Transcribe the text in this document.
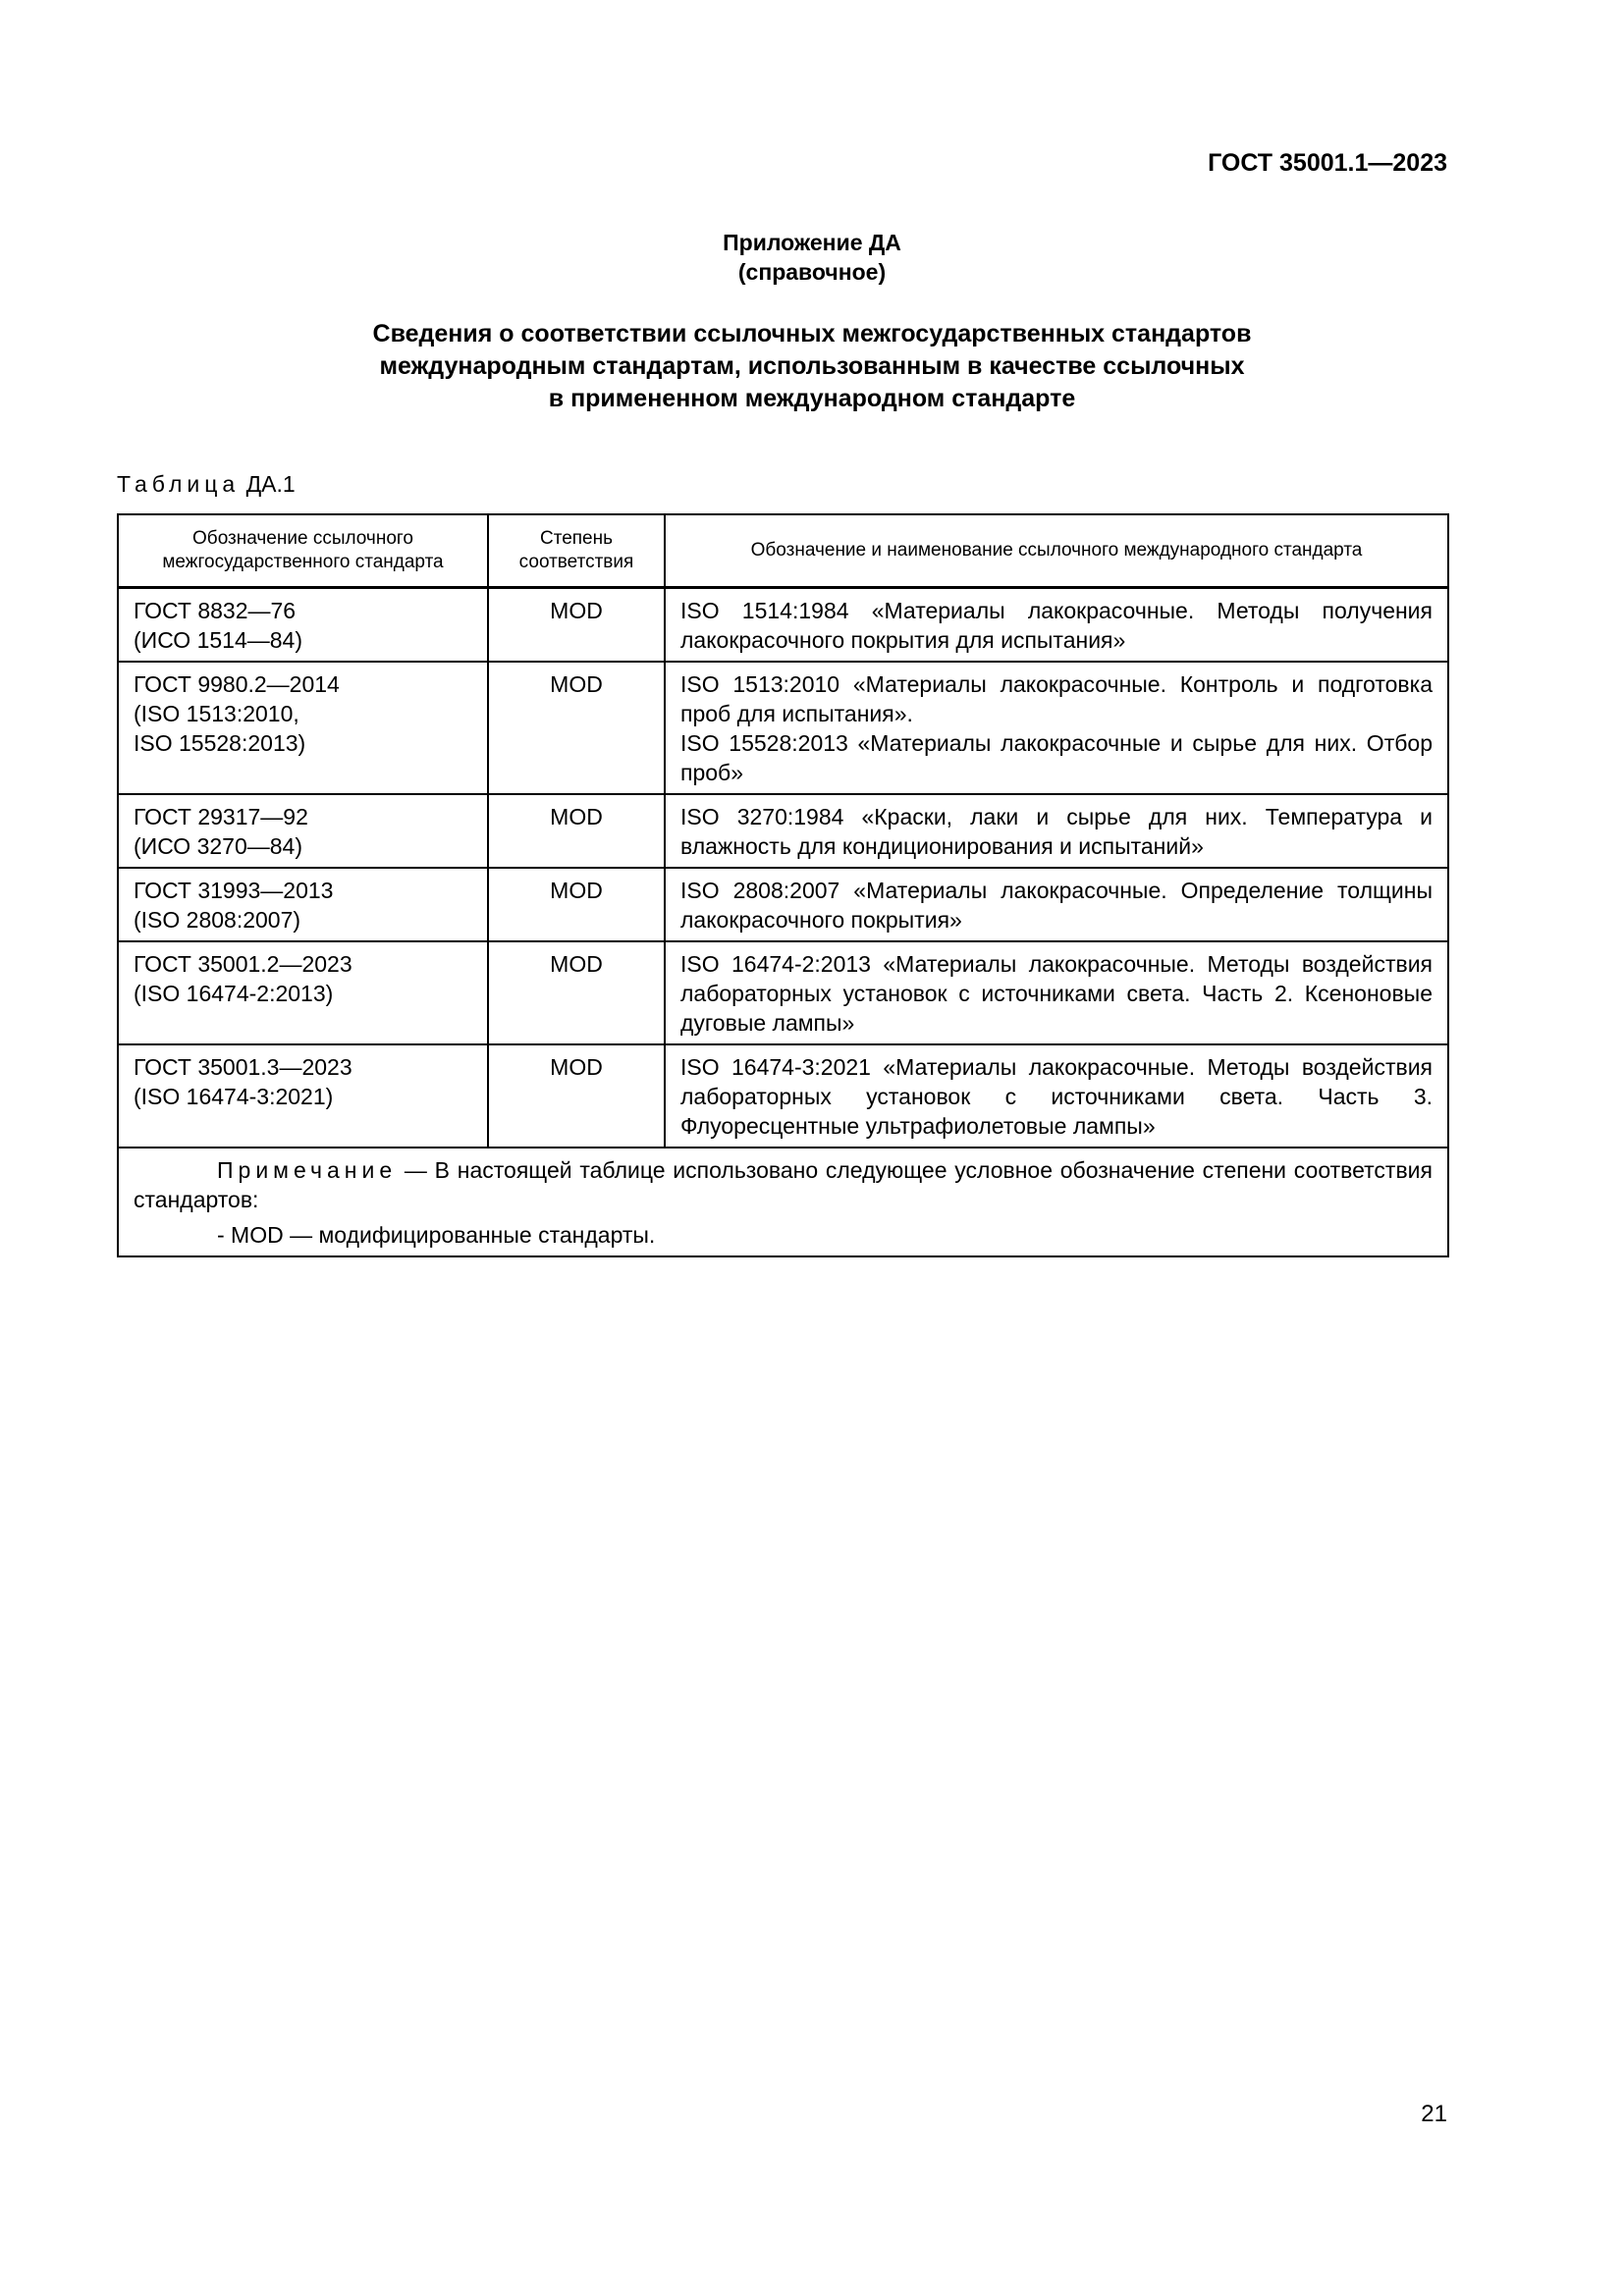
ГОСТ 35001.1—2023
Приложение ДА
(справочное)
Сведения о соответствии ссылочных межгосударственных стандартов
международным стандартам, использованным в качестве ссылочных
в примененном международном стандарте
Таблица ДА.1
Обозначение ссылочного межгосударственного стандарта	Степень соответствия	Обозначение и наименование ссылочного международного стандарта

ГОСТ 8832—76
(ИСО 1514—84)	MOD	ISO 1514:1984 «Материалы лакокрасочные. Методы получения лакокрасочного покрытия для испытания»

ГОСТ 9980.2—2014
(ISO 1513:2010,
ISO 15528:2013)	MOD	ISO 1513:2010 «Материалы лакокрасочные. Контроль и подготовка проб для испытания».
ISO 15528:2013 «Материалы лакокрасочные и сырье для них. Отбор проб»

ГОСТ 29317—92
(ИСО 3270—84)	MOD	ISO 3270:1984 «Краски, лаки и сырье для них. Температура и влажность для кондиционирования и испытаний»

ГОСТ 31993—2013
(ISO 2808:2007)	MOD	ISO 2808:2007 «Материалы лакокрасочные. Определение толщины лакокрасочного покрытия»

ГОСТ 35001.2—2023
(ISO 16474-2:2013)	MOD	ISO 16474-2:2013 «Материалы лакокрасочные. Методы воздействия лабораторных установок с источниками света. Часть 2. Ксеноновые дуговые лампы»

ГОСТ 35001.3—2023
(ISO 16474-3:2021)	MOD	ISO 16474-3:2021 «Материалы лакокрасочные. Методы воздействия лабораторных установок с источниками света. Часть 3. Флуоресцентные ультрафиолетовые лампы»

Примечание — В настоящей таблице использовано следующее условное обозначение степени соответствия стандартов:
- MOD — модифицированные стандарты.		
21
